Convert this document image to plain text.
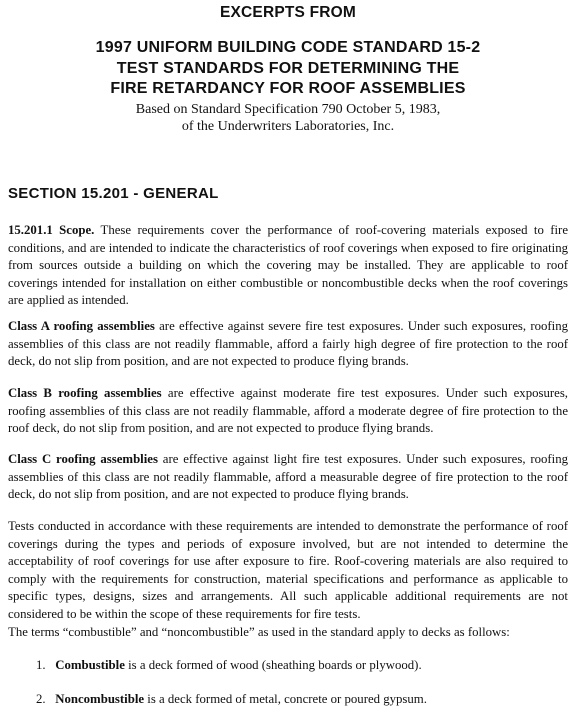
EXCERPTS FROM
1997 UNIFORM BUILDING CODE STANDARD 15-2
TEST STANDARDS FOR DETERMINING THE
FIRE RETARDANCY FOR ROOF ASSEMBLIES
Based on Standard Specification 790 October 5, 1983,
of the Underwriters Laboratories, Inc.
SECTION 15.201 - GENERAL
15.201.1 Scope. These requirements cover the performance of roof-covering materials exposed to fire conditions, and are intended to indicate the characteristics of roof coverings when exposed to fire originating from sources outside a building on which the covering may be installed. They are applicable to roof coverings intended for installation on either combustible or noncombustible decks when the roof coverings are applied as intended.
Class A roofing assemblies are effective against severe fire test exposures. Under such exposures, roofing assemblies of this class are not readily flammable, afford a fairly high degree of fire protection to the roof deck, do not slip from position, and are not expected to produce flying brands.
Class B roofing assemblies are effective against moderate fire test exposures. Under such exposures, roofing assemblies of this class are not readily flammable, afford a moderate degree of fire protection to the roof deck, do not slip from position, and are not expected to produce flying brands.
Class C roofing assemblies are effective against light fire test exposures. Under such exposures, roofing assemblies of this class are not readily flammable, afford a measurable degree of fire protection to the roof deck, do not slip from position, and are not expected to produce flying brands.
Tests conducted in accordance with these requirements are intended to demonstrate the performance of roof coverings during the types and periods of exposure involved, but are not intended to determine the acceptability of roof coverings for use after exposure to fire. Roof-covering materials are also required to comply with the requirements for construction, material specifications and performance as applicable to specific types, designs, sizes and arrangements. All such applicable additional requirements are not considered to be within the scope of these requirements for fire tests.
The terms “combustible” and “noncombustible” as used in the standard apply to decks as follows:
1. Combustible is a deck formed of wood (sheathing boards or plywood).
2. Noncombustible is a deck formed of metal, concrete or poured gypsum.
